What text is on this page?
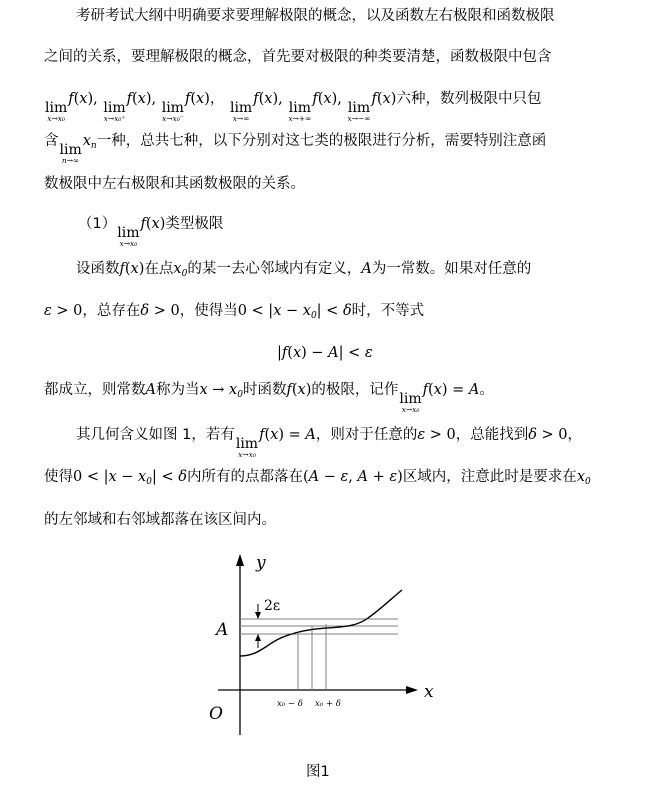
考研考试大纲中明确要求要理解极限的概念，以及函数左右极限和函数极限
之间的关系，要理解极限的概念，首先要对极限的种类要清楚，函数极限中包含
lim
x→x₀
f(x),
lim
x→x₀⁺
f(x),
lim
x→x₀⁻
f(x)，
lim
x→∞
f(x),
lim
x→+∞
f(x),
lim
x→−∞
f(x)六种，数列极限中只包
含
lim
n→∞
$x_n$一种，总共七种，以下分别对这七类的极限进行分析，需要特别注意函
数极限中左右极限和其函数极限的关系。
（1）
lim
x→x₀
f(x)类型极限
设函数f(x)在点$x_0$的某一去心邻域内有定义，A为一常数。如果对任意的
ε > 0，总存在δ > 0，使得当$0 < |x - x_0| < \delta$时，不等式
|f(x) − A| < ε
都成立，则常数A称为当$x \to x_0$时函数f(x)的极限，记作
lim
x→x₀
f(x) = A。
其几何含义如图 1，若有
lim
x→x₀
f(x) = A，则对于任意的ε > 0，总能找到δ > 0，
使得$0 < |x - x_0| < \delta$内所有的点都落在(A − ε, A + ε)区域内，注意此时是要求在$x_0$
的左邻域和右邻域都落在该区间内。
y
x
O
A
2ε
x₀ − δ x₀ + δ
图1
